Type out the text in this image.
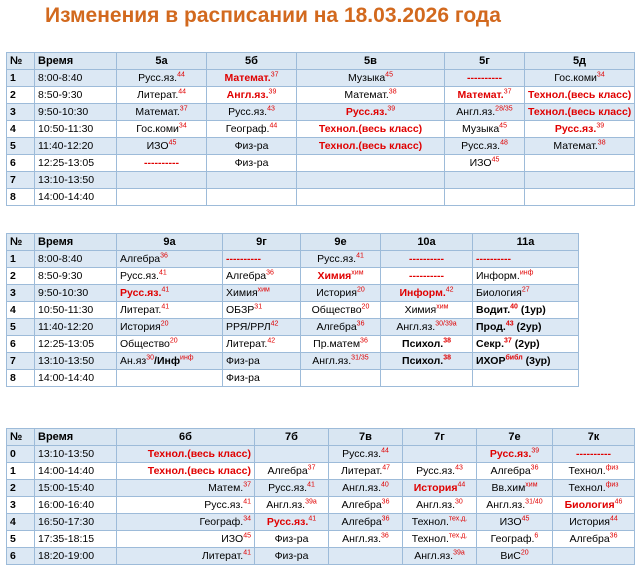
Изменения в расписании на 18.03.2026 года
№	Время	5а	5б	5в	5г	5д
1	8:00-8:40	Русс.яз.$^{44}$	Математ.$^{37}$	Музыка$^{45}$	----------	Гос.коми$^{34}$
2	8:50-9:30	Литерат.$^{44}$	Англ.яз.$^{39}$	Математ.$^{38}$	Математ.$^{37}$	Технол.(весь класс)
3	9:50-10:30	Математ.$^{37}$	Русс.яз.$^{43}$	Русс.яз.$^{39}$	Англ.яз.$^{28/35}$	Технол.(весь класс)
4	10:50-11:30	Гос.коми$^{34}$	Географ.$^{44}$	Технол.(весь класс)	Музыка$^{45}$	Русс.яз.$^{39}$
5	11:40-12:20	ИЗО$^{45}$	Физ-ра	Технол.(весь класс)	Русс.яз.$^{48}$	Математ.$^{38}$
6	12:25-13:05	----------	Физ-ра		ИЗО$^{45}$	
7	13:10-13:50					
8	14:00-14:40					
№	Время	9а	9г	9е	10а	11а
1	8:00-8:40	Алгебра$^{36}$	----------	Русс.яз.$^{41}$	----------	----------
2	8:50-9:30	Русс.яз.$^{41}$	Алгебра$^{36}$	Химия$^{хим}$	----------	Информ.$^{инф}$
3	9:50-10:30	Русс.яз.$^{41}$	Химия$^{хим}$	История$^{20}$	Информ.$^{42}$	Биология$^{27}$
4	10:50-11:30	Литерат.$^{41}$	ОБЗР$^{31}$	Общество$^{20}$	Химия$^{хим}$	Водит.$^{40}$ (1ур)
5	11:40-12:20	История$^{20}$	РРЯ/РРЛ$^{42}$	Алгебра$^{36}$	Англ.яз.$^{30/39а}$	Прод.$^{43}$ (2ур)
6	12:25-13:05	Общество$^{20}$	Литерат.$^{42}$	Пр.матем$^{36}$	Психол.$^{38}$	Секр.$^{37}$ (2ур)
7	13:10-13:50	$Ан.яз^{30}/Инф^{инф}$	Физ-ра	Англ.яз.$^{31/35}$	Психол.$^{38}$	$ИХОР^{библ}$ (3ур)
8	14:00-14:40		Физ-ра			
№	Время	6б	7б	7в	7г	7е	7к
0	13:10-13:50	Технол.(весь класс)		Русс.яз.$^{44}$		Русс.яз.$^{39}$	----------
1	14:00-14:40	Технол.(весь класс)	Алгебра$^{37}$	Литерат.$^{47}$	Русс.яз.$^{43}$	Алгебра$^{36}$	Технол.$^{физ}$
2	15:00-15:40	Матем.$^{37}$	Русс.яз.$^{41}$	Англ.яз.$^{40}$	История$^{44}$	Вв.хим$^{хим}$	Технол.$^{физ}$
3	16:00-16:40	Русс.яз.$^{41}$	Англ.яз.$^{39а}$	Алгебра$^{36}$	Англ.яз.$^{30}$	Англ.яз.$^{31/40}$	Биология$^{46}$
4	16:50-17:30	Географ.$^{34}$	Русс.яз.$^{41}$	Алгебра$^{36}$	Технол.$^{тех.д.}$	ИЗО$^{45}$	История$^{44}$
5	17:35-18:15	ИЗО$^{45}$	Физ-ра	Англ.яз.$^{36}$	Технол.$^{тех.д.}$	Географ.$^6$	Алгебра$^{36}$
6	18:20-19:00	Литерат.$^{41}$	Физ-ра		Англ.яз.$^{39а}$	ВиС$^{20}$	
